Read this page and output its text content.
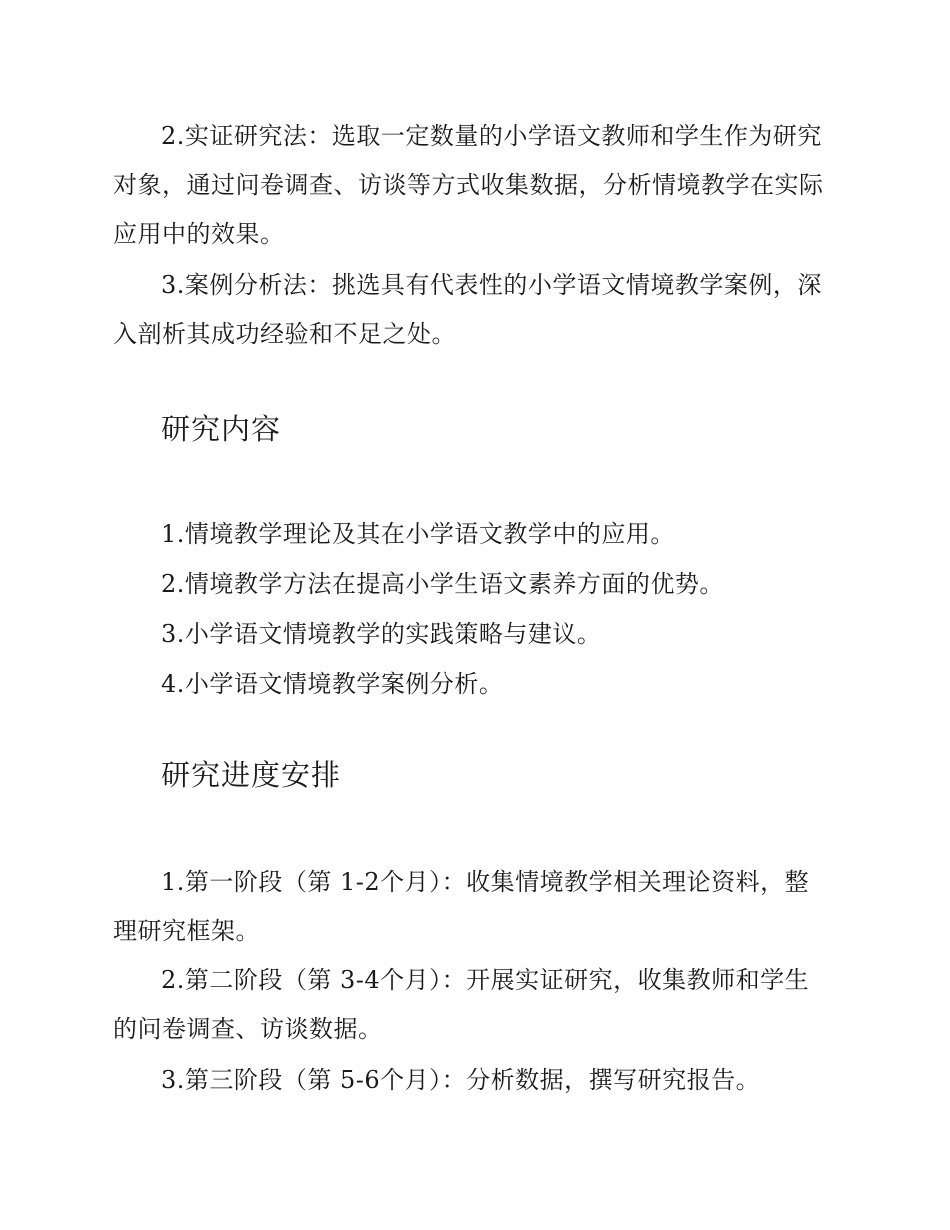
2.实证研究法：选取一定数量的小学语文教师和学生作为研究对象，通过问卷调查、访谈等方式收集数据，分析情境教学在实际应用中的效果。

3.案例分析法：挑选具有代表性的小学语文情境教学案例，深入剖析其成功经验和不足之处。

研究内容

1.情境教学理论及其在小学语文教学中的应用。

2.情境教学方法在提高小学生语文素养方面的优势。

3.小学语文情境教学的实践策略与建议。

4.小学语文情境教学案例分析。

研究进度安排

1.第一阶段（第 1-2个月）：收集情境教学相关理论资料，整理研究框架。

2.第二阶段（第 3-4个月）：开展实证研究，收集教师和学生的问卷调查、访谈数据。

3.第三阶段（第 5-6个月）：分析数据，撰写研究报告。
